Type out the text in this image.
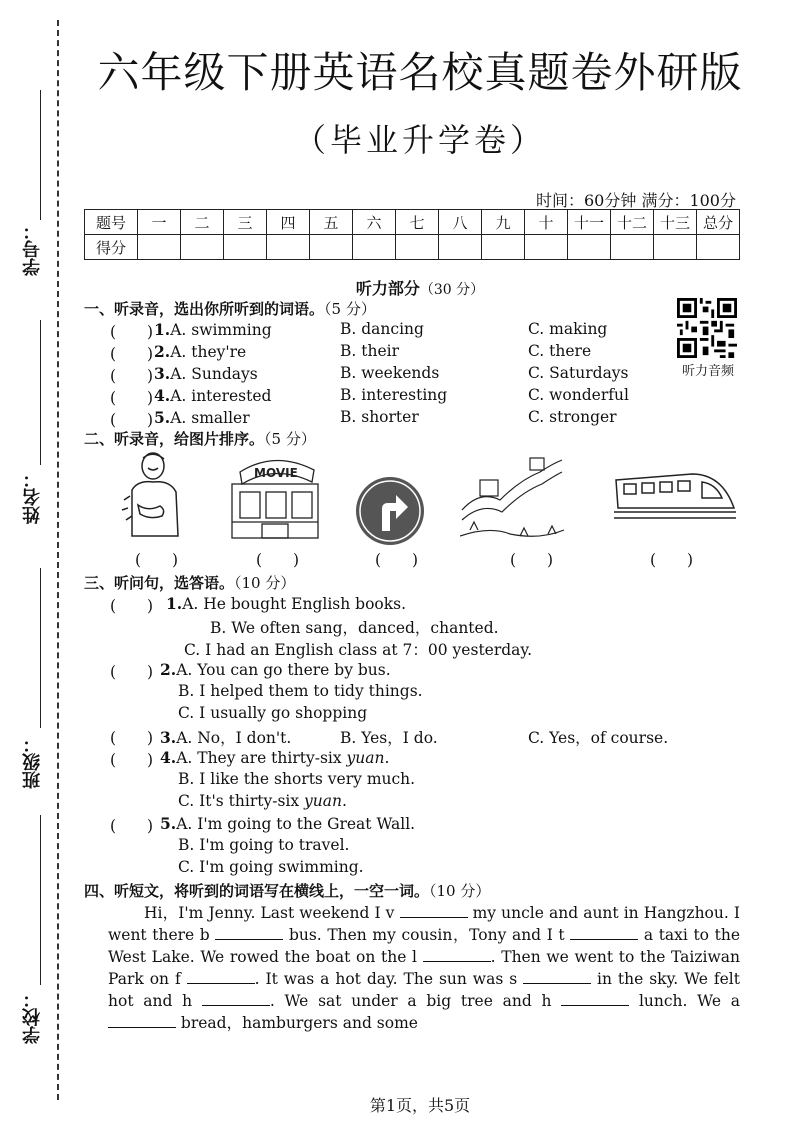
学号：
姓名：
班级：
学校：
六年级下册英语名校真题卷外研版
（毕业升学卷）
时间：60分钟 满分：100分
题号	一	二	三	四	五	六	七	八	九	十	十一	十二	十三	总分
得分														
听力部分（30 分）
一、听录音，选出你所听到的词语。（5 分）
(　　) 1.A. swimming	B. dancing	C. making
(　　) 2.A. they're	B. their	C. there
(　　) 3.A. Sundays	B. weekends	C. Saturdays
(　　) 4.A. interested	B. interesting	C. wonderful
(　　) 5.A. smaller	B. shorter	C. stronger
听力音频
二、听录音，给图片排序。（5 分）
MOVIE
(　　)	(　　)	(　　)	(　　)	(　　)
三、听问句，选答语。（10 分）
(　　) 1.A. He bought English books.
B. We often sang，danced，chanted.
C. I had an English class at 7：00 yesterday.
(　　) 2.A. You can go there by bus.
B. I helped them to tidy things.
C. I usually go shopping
(　　) 3.A. No，I don't.	B. Yes，I do.	C. Yes，of course.
(　　) 4.A. They are thirty-six yuan.
B. I like the shorts very much.
C. It's thirty-six yuan.
(　　) 5.A. I'm going to the Great Wall.
B. I'm going to travel.
C. I'm going swimming.
四、听短文，将听到的词语写在横线上，一空一词。（10 分）
Hi，I'm Jenny. Last weekend I v	my uncle and aunt in Hangzhou. I went there b	bus. Then my cousin，Tony and I t	a taxi to the West Lake. We rowed the boat on the l	. Then we went to the Taiziwan Park on f	. It was a hot day. The sun was s	in the sky. We felt hot and h	. We sat under a big tree and h	lunch. We a  bread，hamburgers and some
第1页，共5页
